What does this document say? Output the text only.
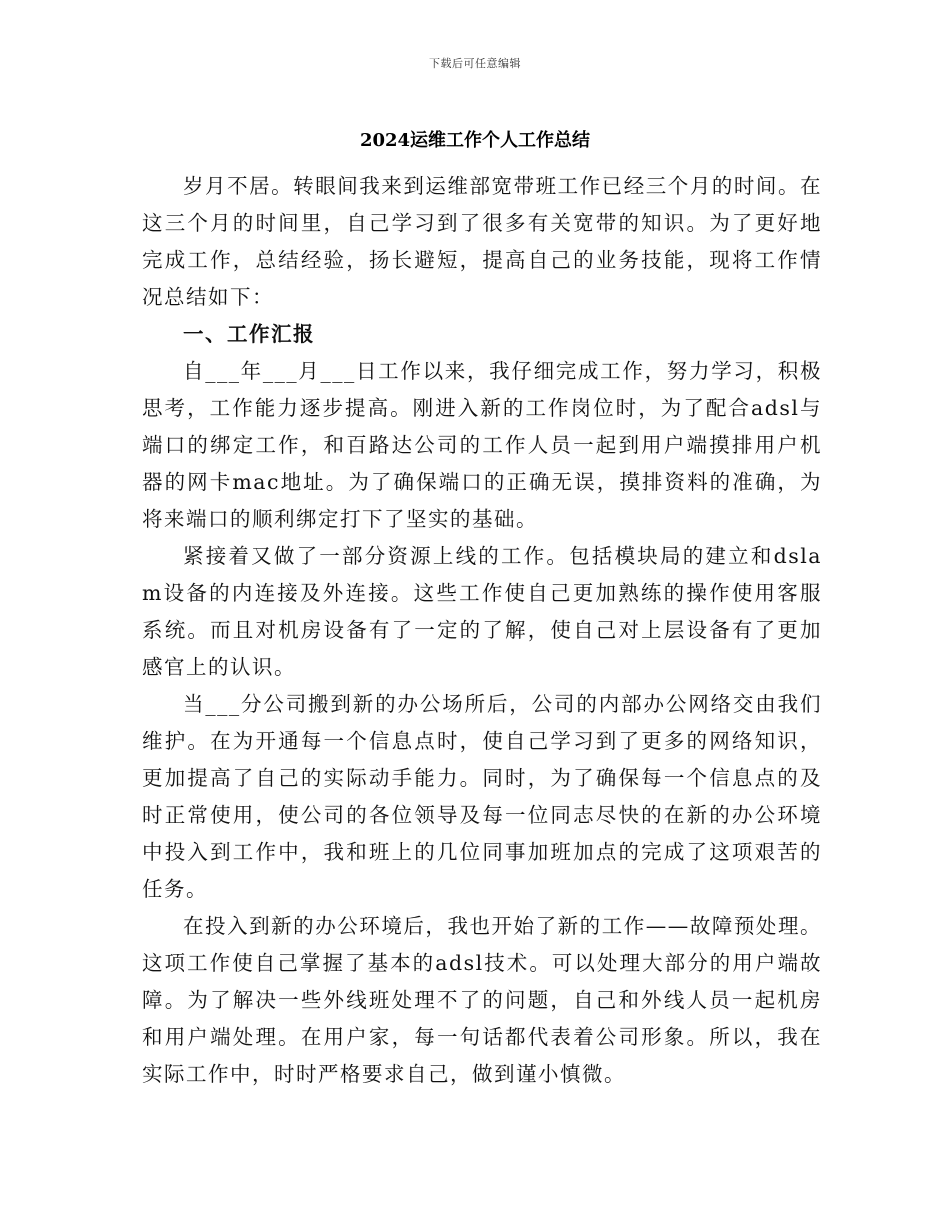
下载后可任意编辑
2024运维工作个人工作总结

岁月不居。转眼间我来到运维部宽带班工作已经三个月的时间。在这三个月的时间里，自己学习到了很多有关宽带的知识。为了更好地完成工作，总结经验，扬长避短，提高自己的业务技能，现将工作情况总结如下：

一、工作汇报

自___年___月___日工作以来，我仔细完成工作，努力学习，积极思考，工作能力逐步提高。刚进入新的工作岗位时，为了配合adsl与端口的绑定工作，和百路达公司的工作人员一起到用户端摸排用户机器的网卡mac地址。为了确保端口的正确无误，摸排资料的准确，为将来端口的顺利绑定打下了坚实的基础。

紧接着又做了一部分资源上线的工作。包括模块局的建立和dslam设备的内连接及外连接。这些工作使自己更加熟练的操作使用客服系统。而且对机房设备有了一定的了解，使自己对上层设备有了更加感官上的认识。

当___分公司搬到新的办公场所后，公司的内部办公网络交由我们维护。在为开通每一个信息点时，使自己学习到了更多的网络知识，更加提高了自己的实际动手能力。同时，为了确保每一个信息点的及时正常使用，使公司的各位领导及每一位同志尽快的在新的办公环境中投入到工作中，我和班上的几位同事加班加点的完成了这项艰苦的任务。

在投入到新的办公环境后，我也开始了新的工作——故障预处理。这项工作使自己掌握了基本的adsl技术。可以处理大部分的用户端故障。为了解决一些外线班处理不了的问题，自己和外线人员一起机房和用户端处理。在用户家，每一句话都代表着公司形象。所以，我在实际工作中，时时严格要求自己，做到谨小慎微。
